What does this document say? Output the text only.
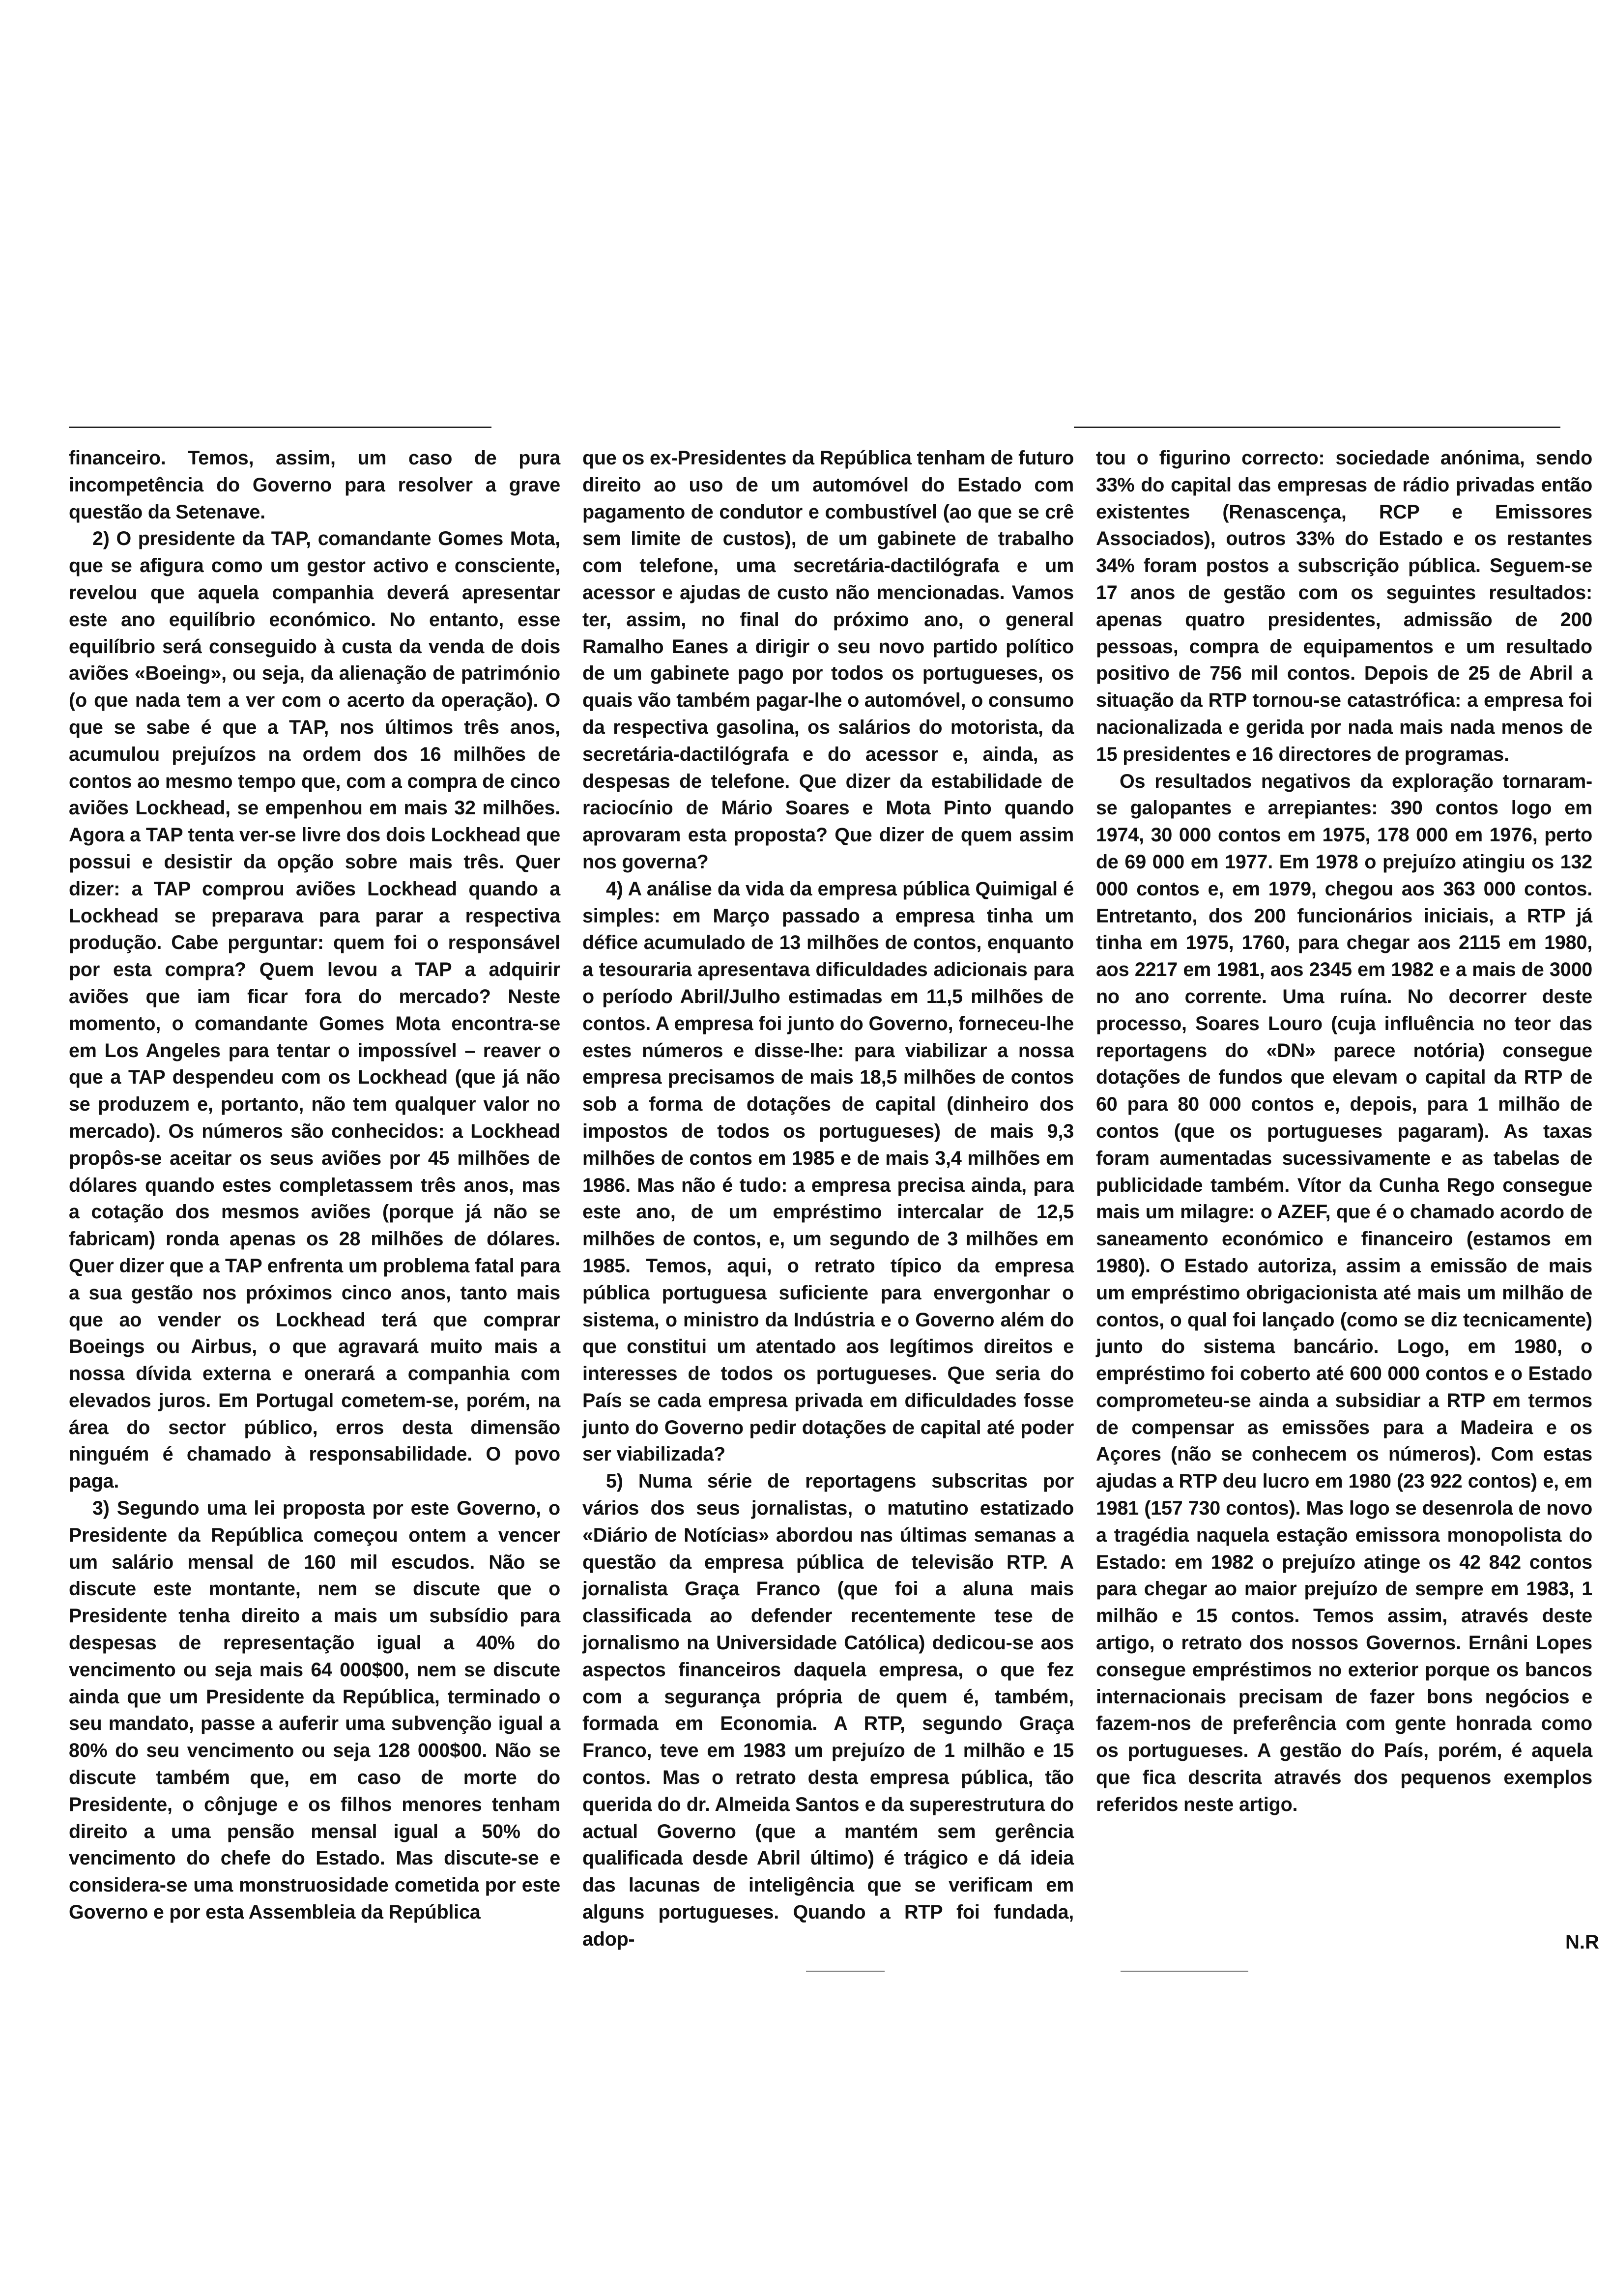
financeiro. Temos, assim, um caso de pura incompetência do Governo para resolver a grave questão da Setenave.

2) O presidente da TAP, comandante Gomes Mota, que se afigura como um gestor activo e consciente, revelou que aquela companhia deverá apresentar este ano equilíbrio económico. No entanto, esse equilíbrio será conseguido à custa da venda de dois aviões «Boeing», ou seja, da alienação de património (o que nada tem a ver com o acerto da operação). O que se sabe é que a TAP, nos últimos três anos, acumulou prejuízos na ordem dos 16 milhões de contos ao mesmo tempo que, com a compra de cinco aviões Lockhead, se empenhou em mais 32 milhões. Agora a TAP tenta ver-se livre dos dois Lockhead que possui e desistir da opção sobre mais três. Quer dizer: a TAP comprou aviões Lockhead quando a Lockhead se preparava para parar a respectiva produção. Cabe perguntar: quem foi o responsável por esta compra? Quem levou a TAP a adquirir aviões que iam ficar fora do mercado? Neste momento, o comandante Gomes Mota encontra-se em Los Angeles para tentar o impossível – reaver o que a TAP despendeu com os Lockhead (que já não se produzem e, portanto, não tem qualquer valor no mercado). Os números são conhecidos: a Lockhead propôs-se aceitar os seus aviões por 45 milhões de dólares quando estes completassem três anos, mas a cotação dos mesmos aviões (porque já não se fabricam) ronda apenas os 28 milhões de dólares. Quer dizer que a TAP enfrenta um problema fatal para a sua gestão nos próximos cinco anos, tanto mais que ao vender os Lockhead terá que comprar Boeings ou Airbus, o que agravará muito mais a nossa dívida externa e onerará a companhia com elevados juros. Em Portugal cometem-se, porém, na área do sector público, erros desta dimensão ninguém é chamado à responsabilidade. O povo paga.

3) Segundo uma lei proposta por este Governo, o Presidente da República começou ontem a vencer um salário mensal de 160 mil escudos. Não se discute este montante, nem se discute que o Presidente tenha direito a mais um subsídio para despesas de representação igual a 40% do vencimento ou seja mais 64 000$00, nem se discute ainda que um Presidente da República, terminado o seu mandato, passe a auferir uma subvenção igual a 80% do seu vencimento ou seja 128 000$00. Não se discute também que, em caso de morte do Presidente, o cônjuge e os filhos menores tenham direito a uma pensão mensal igual a 50% do vencimento do chefe do Estado. Mas discute-se e considera-se uma monstruosidade cometida por este Governo e por esta Assembleia da República

que os ex-Presidentes da República tenham de futuro direito ao uso de um automóvel do Estado com pagamento de condutor e combustível (ao que se crê sem limite de custos), de um gabinete de trabalho com telefone, uma secretária-dactilógrafa e um acessor e ajudas de custo não mencionadas. Vamos ter, assim, no final do próximo ano, o general Ramalho Eanes a dirigir o seu novo partido político de um gabinete pago por todos os portugueses, os quais vão também pagar-lhe o automóvel, o consumo da respectiva gasolina, os salários do motorista, da secretária-dactilógrafa e do acessor e, ainda, as despesas de telefone. Que dizer da estabilidade de raciocínio de Mário Soares e Mota Pinto quando aprovaram esta proposta? Que dizer de quem assim nos governa?

4) A análise da vida da empresa pública Quimigal é simples: em Março passado a empresa tinha um défice acumulado de 13 milhões de contos, enquanto a tesouraria apresentava dificuldades adicionais para o período Abril/Julho estimadas em 11,5 milhões de contos. A empresa foi junto do Governo, forneceu-lhe estes números e disse-lhe: para viabilizar a nossa empresa precisamos de mais 18,5 milhões de contos sob a forma de dotações de capital (dinheiro dos impostos de todos os portugueses) de mais 9,3 milhões de contos em 1985 e de mais 3,4 milhões em 1986. Mas não é tudo: a empresa precisa ainda, para este ano, de um empréstimo intercalar de 12,5 milhões de contos, e, um segundo de 3 milhões em 1985. Temos, aqui, o retrato típico da empresa pública portuguesa suficiente para envergonhar o sistema, o ministro da Indústria e o Governo além do que constitui um atentado aos legítimos direitos e interesses de todos os portugueses. Que seria do País se cada empresa privada em dificuldades fosse junto do Governo pedir dotações de capital até poder ser viabilizada?

5) Numa série de reportagens subscritas por vários dos seus jornalistas, o matutino estatizado «Diário de Notícias» abordou nas últimas semanas a questão da empresa pública de televisão RTP. A jornalista Graça Franco (que foi a aluna mais classificada ao defender recentemente tese de jornalismo na Universidade Católica) dedicou-se aos aspectos financeiros daquela empresa, o que fez com a segurança própria de quem é, também, formada em Economia. A RTP, segundo Graça Franco, teve em 1983 um prejuízo de 1 milhão e 15 contos. Mas o retrato desta empresa pública, tão querida do dr. Almeida Santos e da superestrutura do actual Governo (que a mantém sem gerência qualificada desde Abril último) é trágico e dá ideia das lacunas de inteligência que se verificam em alguns portugueses. Quando a RTP foi fundada, adop-

tou o figurino correcto: sociedade anónima, sendo 33% do capital das empresas de rádio privadas então existentes (Renascença, RCP e Emissores Associados), outros 33% do Estado e os restantes 34% foram postos a subscrição pública. Seguem-se 17 anos de gestão com os seguintes resultados: apenas quatro presidentes, admissão de 200 pessoas, compra de equipamentos e um resultado positivo de 756 mil contos. Depois de 25 de Abril a situação da RTP tornou-se catastrófica: a empresa foi nacionalizada e gerida por nada mais nada menos de 15 presidentes e 16 directores de programas.

Os resultados negativos da exploração tornaram-se galopantes e arrepiantes: 390 contos logo em 1974, 30 000 contos em 1975, 178 000 em 1976, perto de 69 000 em 1977. Em 1978 o prejuízo atingiu os 132 000 contos e, em 1979, chegou aos 363 000 contos. Entretanto, dos 200 funcionários iniciais, a RTP já tinha em 1975, 1760, para chegar aos 2115 em 1980, aos 2217 em 1981, aos 2345 em 1982 e a mais de 3000 no ano corrente. Uma ruína. No decorrer deste processo, Soares Louro (cuja influência no teor das reportagens do «DN» parece notória) consegue dotações de fundos que elevam o capital da RTP de 60 para 80 000 contos e, depois, para 1 milhão de contos (que os portugueses pagaram). As taxas foram aumentadas sucessivamente e as tabelas de publicidade também. Vítor da Cunha Rego consegue mais um milagre: o AZEF, que é o chamado acordo de saneamento económico e financeiro (estamos em 1980). O Estado autoriza, assim a emissão de mais um empréstimo obrigacionista até mais um milhão de contos, o qual foi lançado (como se diz tecnicamente) junto do sistema bancário. Logo, em 1980, o empréstimo foi coberto até 600 000 contos e o Estado comprometeu-se ainda a subsidiar a RTP em termos de compensar as emissões para a Madeira e os Açores (não se conhecem os números). Com estas ajudas a RTP deu lucro em 1980 (23 922 contos) e, em 1981 (157 730 contos). Mas logo se desenrola de novo a tragédia naquela estação emissora monopolista do Estado: em 1982 o prejuízo atinge os 42 842 contos para chegar ao maior prejuízo de sempre em 1983, 1 milhão e 15 contos. Temos assim, através deste artigo, o retrato dos nossos Governos. Ernâni Lopes consegue empréstimos no exterior porque os bancos internacionais precisam de fazer bons negócios e fazem-nos de preferência com gente honrada como os portugueses. A gestão do País, porém, é aquela que fica descrita através dos pequenos exemplos referidos neste artigo.

N.R
